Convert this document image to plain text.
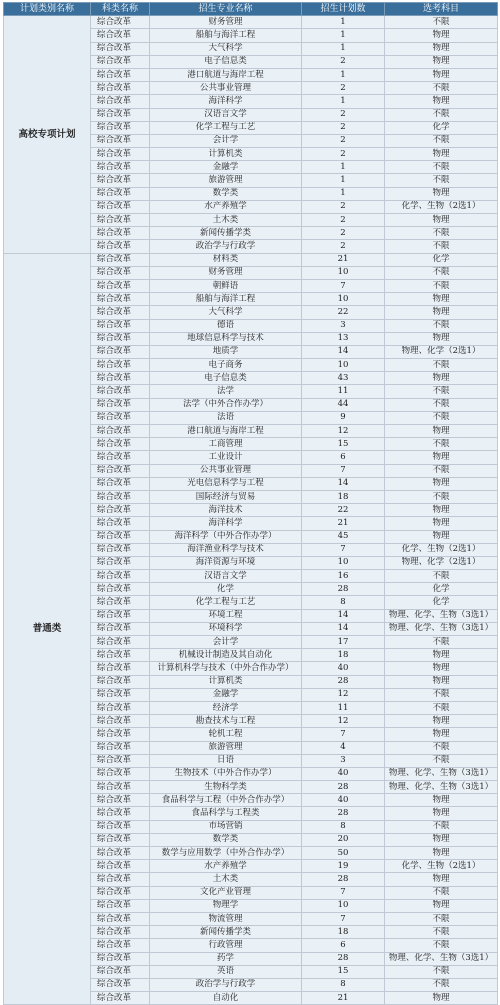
计划类别名称	科类名称	招生专业名称	招生计划数	选考科目
高校专项计划	综合改革	财务管理	1	不限
	综合改革	船舶与海洋工程	1	物理
	综合改革	大气科学	1	物理
	综合改革	电子信息类	2	物理
	综合改革	港口航道与海岸工程	1	物理
	综合改革	公共事业管理	2	不限
	综合改革	海洋科学	1	物理
	综合改革	汉语言文学	2	不限
	综合改革	化学工程与工艺	2	化学
	综合改革	会计学	2	不限
	综合改革	计算机类	2	物理
	综合改革	金融学	1	不限
	综合改革	旅游管理	1	不限
	综合改革	数学类	1	物理
	综合改革	水产养殖学	2	化学、生物（2选1）
	综合改革	土木类	2	物理
	综合改革	新闻传播学类	2	不限
	综合改革	政治学与行政学	2	不限
普通类	综合改革	材料类	21	化学
	综合改革	财务管理	10	不限
	综合改革	朝鲜语	7	不限
	综合改革	船舶与海洋工程	10	物理
	综合改革	大气科学	22	物理
	综合改革	德语	3	不限
	综合改革	地球信息科学与技术	13	物理
	综合改革	地质学	14	物理、化学（2选1）
	综合改革	电子商务	10	不限
	综合改革	电子信息类	43	物理
	综合改革	法学	11	不限
	综合改革	法学（中外合作办学）	44	不限
	综合改革	法语	9	不限
	综合改革	港口航道与海岸工程	12	物理
	综合改革	工商管理	15	不限
	综合改革	工业设计	6	物理
	综合改革	公共事业管理	7	不限
	综合改革	光电信息科学与工程	14	物理
	综合改革	国际经济与贸易	18	不限
	综合改革	海洋技术	22	物理
	综合改革	海洋科学	21	物理
	综合改革	海洋科学（中外合作办学）	45	物理
	综合改革	海洋渔业科学与技术	7	化学、生物（2选1）
	综合改革	海洋资源与环境	10	物理、化学（2选1）
	综合改革	汉语言文学	16	不限
	综合改革	化学	28	化学
	综合改革	化学工程与工艺	8	化学
	综合改革	环境工程	14	物理、化学、生物（3选1）
	综合改革	环境科学	14	物理、化学、生物（3选1）
	综合改革	会计学	17	不限
	综合改革	机械设计制造及其自动化	18	物理
	综合改革	计算机科学与技术（中外合作办学）	40	物理
	综合改革	计算机类	28	物理
	综合改革	金融学	12	不限
	综合改革	经济学	11	不限
	综合改革	勘查技术与工程	12	物理
	综合改革	轮机工程	7	物理
	综合改革	旅游管理	4	不限
	综合改革	日语	3	不限
	综合改革	生物技术（中外合作办学）	40	物理、化学、生物（3选1）
	综合改革	生物科学类	28	物理、化学、生物（3选1）
	综合改革	食品科学与工程（中外合作办学）	40	物理
	综合改革	食品科学与工程类	28	物理
	综合改革	市场营销	8	不限
	综合改革	数学类	20	物理
	综合改革	数学与应用数学（中外合作办学）	50	物理
	综合改革	水产养殖学	19	化学、生物（2选1）
	综合改革	土木类	28	物理
	综合改革	文化产业管理	7	不限
	综合改革	物理学	10	物理
	综合改革	物流管理	7	不限
	综合改革	新闻传播学类	18	不限
	综合改革	行政管理	6	不限
	综合改革	药学	28	物理、化学、生物（3选1）
	综合改革	英语	15	不限
	综合改革	政治学与行政学	8	不限
	综合改革	自动化	21	物理
